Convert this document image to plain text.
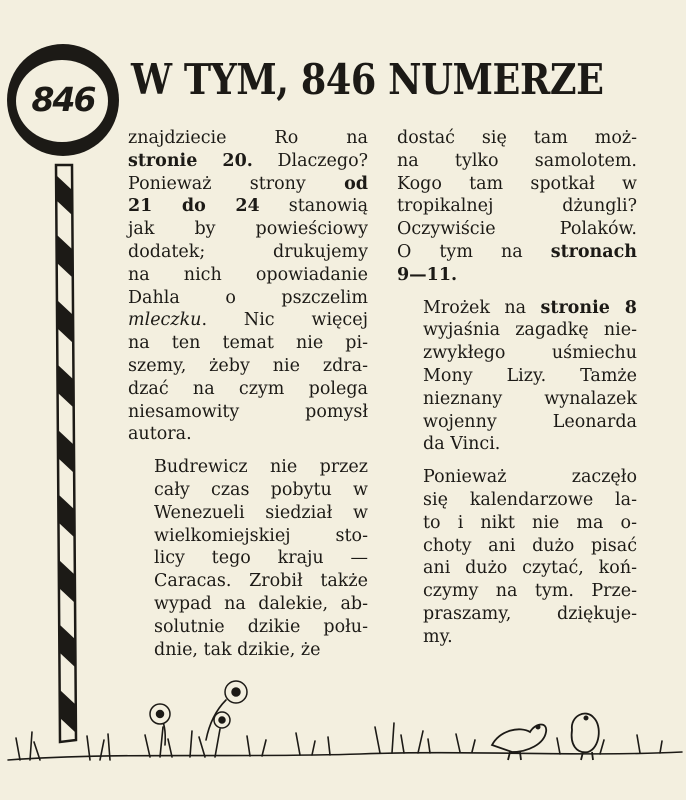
846 W TYM, 846 NUMERZE

znajdziecie Ro na
stronie 20. Dlaczego?
Ponieważ strony od
21 do 24 stanowią
jak by powieściowy
dodatek; drukujemy
na nich opowiadanie
Dahla o pszczelim
mleczku. Nic więcej
na ten temat nie pi-
szemy, żeby nie zdra-
dzać na czym polega
niesamowity pomysł
autora.

Budrewicz nie przez
cały czas pobytu w
Wenezueli siedział w
wielkomiejskiej sto-
licy tego kraju —
Caracas. Zrobił także
wypad na dalekie, ab-
solutnie dzikie połu-
dnie, tak dzikie, że

dostać się tam moż-
na tylko samolotem.
Kogo tam spotkał w
tropikalnej dżungli?
Oczywiście Polaków.
O tym na stronach
9—11.

Mrożek na stronie 8
wyjaśnia zagadkę nie-
zwykłego uśmiechu
Mony Lizy. Tamże
nieznany wynalazek
wojenny Leonarda
da Vinci.

Ponieważ zaczęło
się kalendarzowe la-
to i nikt nie ma o-
choty ani dużo pisać
ani dużo czytać, koń-
czymy na tym. Prze-
praszamy, dziękuje-
my.
